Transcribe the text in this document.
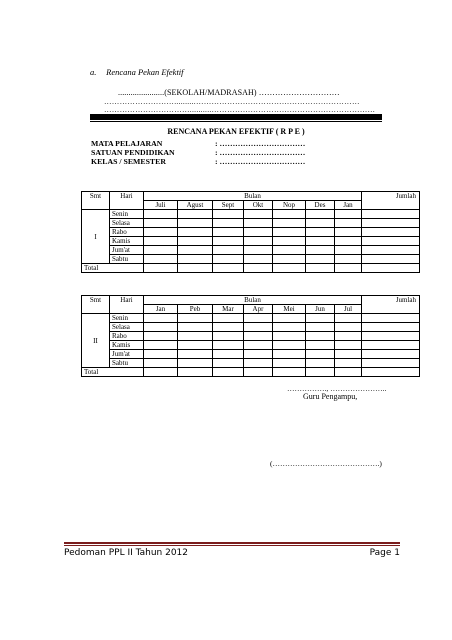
a. Rencana Pekan Efektif
......................(SEKOLAH/MADRASAH) …………………………
………………………..........………………………………………………………
……………………………..........………………………………………………………
RENCANA PEKAN EFEKTIF ( R P E )
MATA PELAJARAN	: ……………………………
SATUAN PENDIDIKAN	: ……………………………
KELAS / SEMESTER	: ……………………………
Smt	Hari	Bulan							Jumlah
		Juli	Agust	Sept	Okt	Nop	Des	Jan	
I	Senin								
	Selasa								
	Rabo								
	Kamis								
	Jum'at								
	Sabtu								
Total									
Smt	Hari	Bulan							Jumlah
		Jan	Peb	Mar	Apr	Mei	Jun	Jul	
II	Senin								
	Selasa								
	Rabo								
	Kamis								
	Jum'at								
	Sabtu								
Total									
……………., …………………..
Guru Pengampu,
(…………………………………….)
Pedoman PPL II Tahun 2012	Page 1
